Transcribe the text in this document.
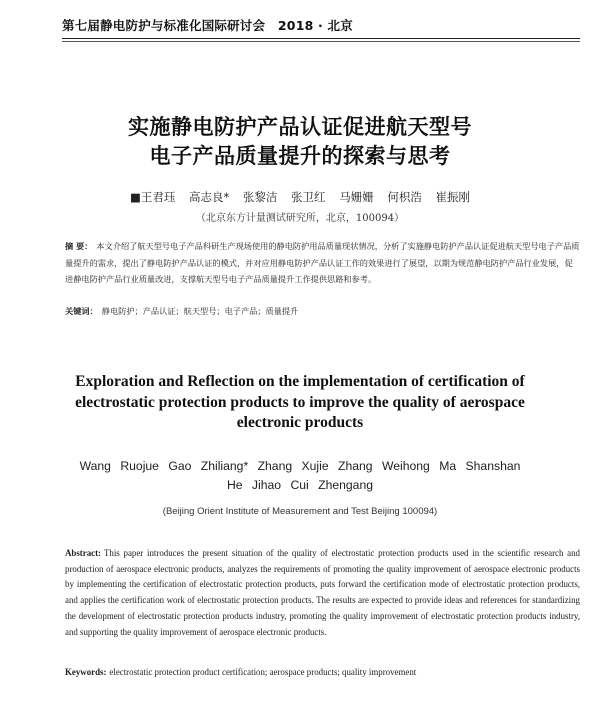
第七届静电防护与标准化国际研讨会　2018 · 北京
实施静电防护产品认证促进航天型号
电子产品质量提升的探索与思考
■王君珏 高志良* 张黎洁 张卫红 马姗姗 何枳浩 崔振刚
（北京东方计量测试研究所，北京，100094）
摘 要： 本文介绍了航天型号电子产品科研生产现场使用的静电防护用品质量现状情况，分析了实施静电防护产品认证促进航天型号电子产品质量提升的需求，提出了静电防护产品认证的模式，并对应用静电防护产品认证工作的效果进行了展望，以期为规范静电防护产品行业发展，促进静电防护产品行业质量改进，支撑航天型号电子产品质量提升工作提供思路和参考。
关键词： 静电防护；产品认证；航天型号；电子产品；质量提升
Exploration and Reflection on the implementation of certification of electrostatic protection products to improve the quality of aerospace electronic products
Wang Ruojue Gao Zhiliang* Zhang Xujie Zhang Weihong Ma Shanshan
He Jihao Cui Zhengang
(Beijing Orient Institute of Measurement and Test Beijing 100094)
Abstract: This paper introduces the present situation of the quality of electrostatic protection products used in the scientific research and production of aerospace electronic products, analyzes the requirements of promoting the quality improvement of aerospace electronic products by implementing the certification of electrostatic protection products, puts forward the certification mode of electrostatic protection products, and applies the certification work of electrostatic protection products. The results are expected to provide ideas and references for standardizing the development of electrostatic protection products industry, promoting the quality improvement of electrostatic protection products industry, and supporting the quality improvement of aerospace electronic products.
Keywords: electrostatic protection product certification; aerospace products; quality improvement
